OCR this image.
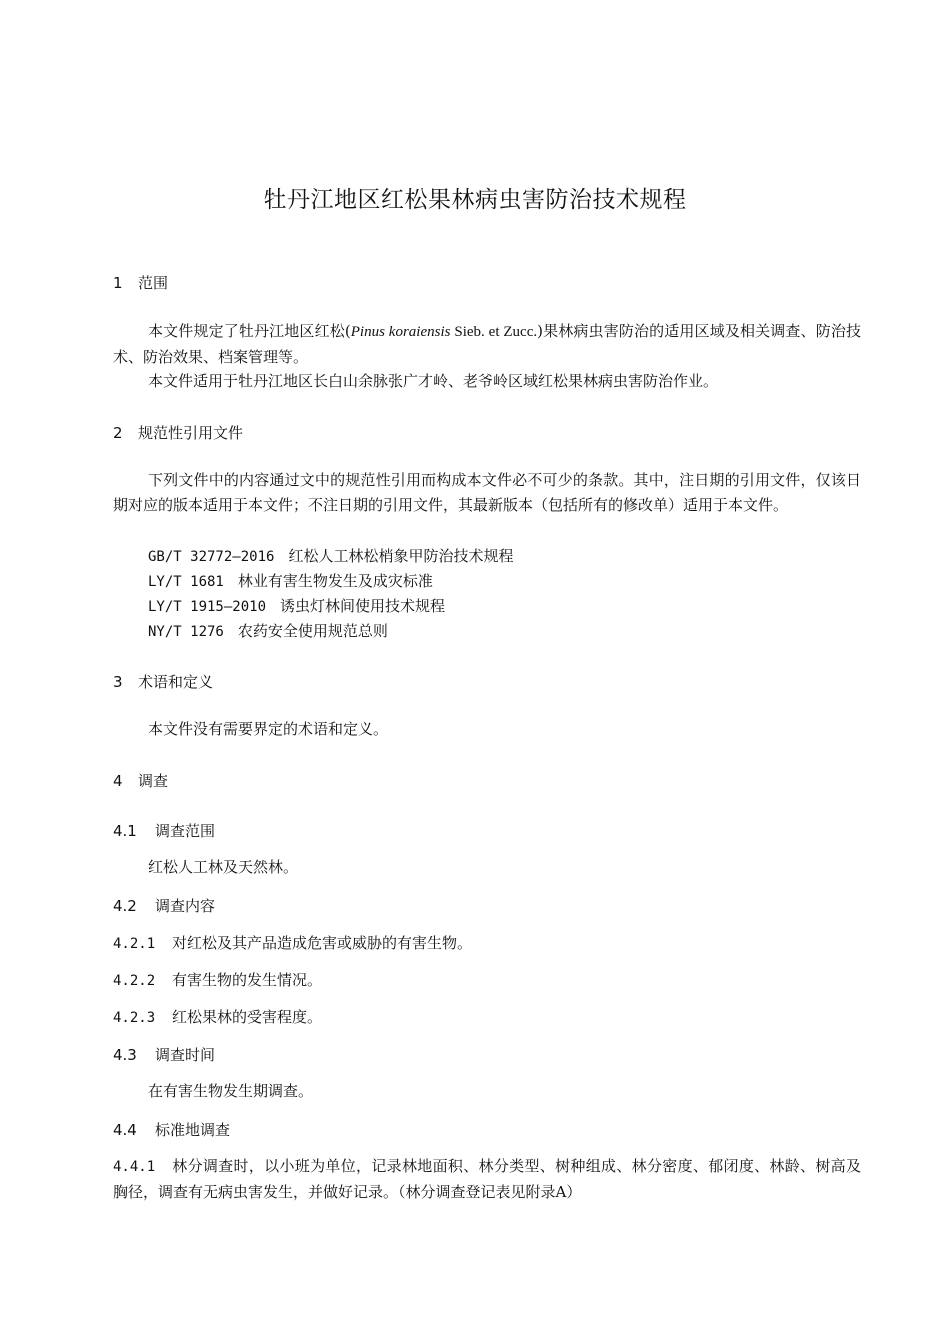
牡丹江地区红松果林病虫害防治技术规程
1 范围
本文件规定了牡丹江地区红松(Pinus koraiensis Sieb. et Zucc.)果林病虫害防治的适用区域及相关调查、防治技术、防治效果、档案管理等。
本文件适用于牡丹江地区长白山余脉张广才岭、老爷岭区域红松果林病虫害防治作业。
2 规范性引用文件
下列文件中的内容通过文中的规范性引用而构成本文件必不可少的条款。其中，注日期的引用文件，仅该日期对应的版本适用于本文件；不注日期的引用文件，其最新版本（包括所有的修改单）适用于本文件。
GB/T 32772—2016 红松人工林松梢象甲防治技术规程
LY/T 1681 林业有害生物发生及成灾标准
LY/T 1915—2010 诱虫灯林间使用技术规程
NY/T 1276 农药安全使用规范总则
3 术语和定义
本文件没有需要界定的术语和定义。
4 调查
4.1 调查范围
红松人工林及天然林。
4.2 调查内容
4.2.1 对红松及其产品造成危害或威胁的有害生物。
4.2.2 有害生物的发生情况。
4.2.3 红松果林的受害程度。
4.3 调查时间
在有害生物发生期调查。
4.4 标准地调查
4.4.1 林分调查时，以小班为单位，记录林地面积、林分类型、树种组成、林分密度、郁闭度、林龄、树高及胸径，调查有无病虫害发生，并做好记录。（林分调查登记表见附录A）
